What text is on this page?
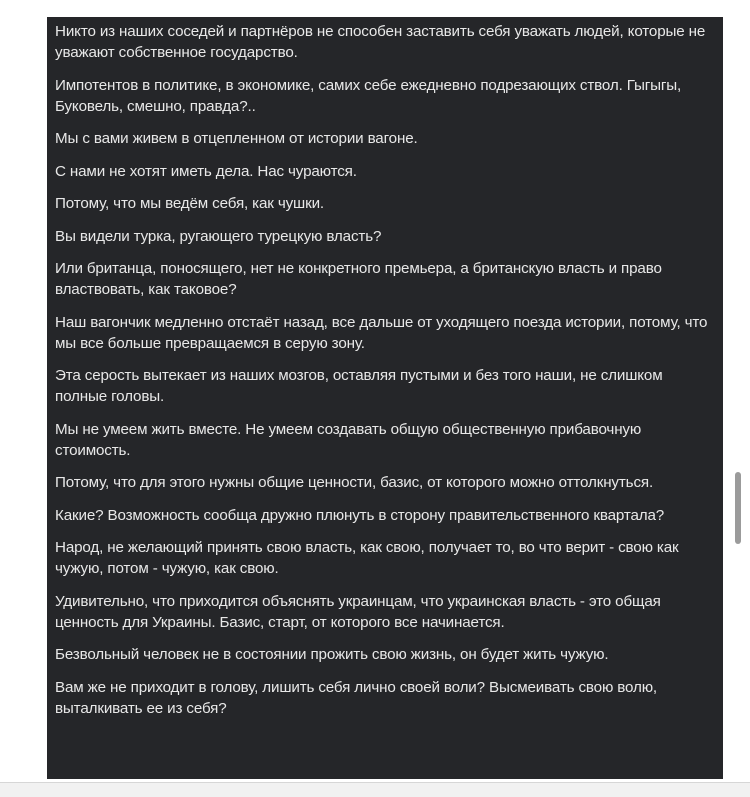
Никто из наших соседей и партнёров не способен заставить себя уважать людей, которые не уважают собственное государство.

Импотентов в политике, в экономике, самих себе ежедневно подрезающих ствол. Гыгыгы, Буковель, смешно, правда?..

Мы с вами живем в отцепленном от истории вагоне.

С нами не хотят иметь дела. Нас чураются.

Потому, что мы ведём себя, как чушки.

Вы видели турка, ругающего турецкую власть?

Или британца, поносящего, нет не конкретного премьера, а британскую власть и право властвовать, как таковое?

Наш вагончик медленно отстаёт назад, все дальше от уходящего поезда истории, потому, что мы все больше превращаемся в серую зону.

Эта серость вытекает из наших мозгов, оставляя пустыми и без того наши, не слишком полные головы.

Мы не умеем жить вместе. Не умеем создавать общую общественную прибавочную стоимость.

Потому, что для этого нужны общие ценности, базис, от которого можно оттолкнуться.

Какие? Возможность сообща дружно плюнуть в сторону правительственного квартала?

Народ, не желающий принять свою власть, как свою, получает то, во что верит - свою как чужую, потом - чужую, как свою.

Удивительно, что приходится объяснять украинцам, что украинская власть - это общая ценность для Украины. Базис, старт, от которого все начинается.

Безвольный человек не в состоянии прожить свою жизнь, он будет жить чужую.

Вам же не приходит в голову, лишить себя лично своей воли? Высмеивать свою волю, выталкивать ее из себя?
